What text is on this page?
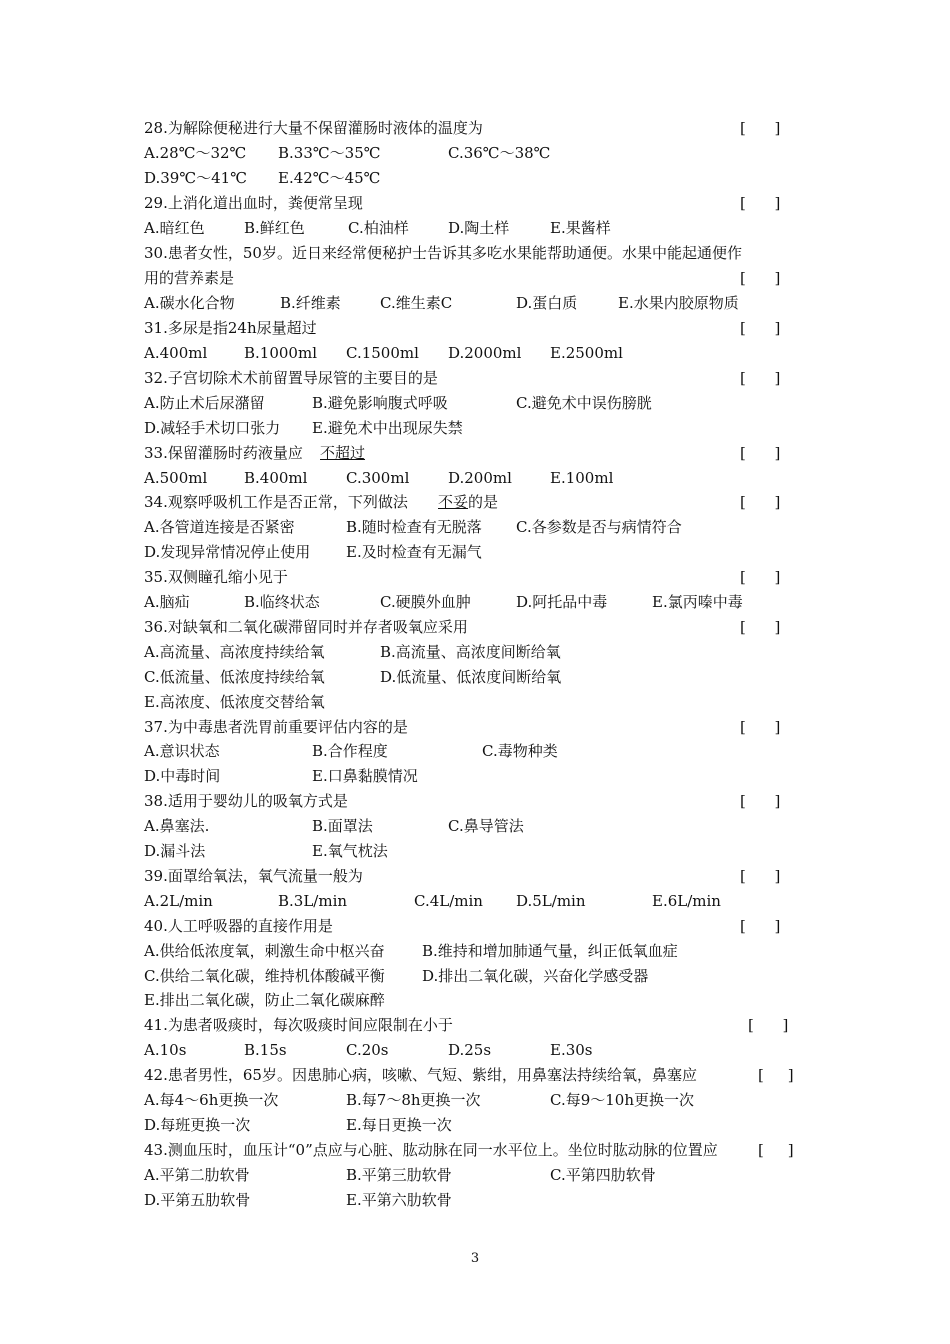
28.为解除便秘进行大量不保留灌肠时液体的温度为	[      ]
A.28℃～32℃ B.33℃～35℃	C.36℃～38℃
D.39℃～41℃ E.42℃～45℃
29.上消化道出血时，粪便常呈现	[      ]
A.暗红色	B.鲜红色	C.柏油样	D.陶土样	E.果酱样
30.患者女性，50岁。近日来经常便秘护士告诉其多吃水果能帮助通便。水果中能起通便作
用的营养素是	[      ]
A.碳水化合物	B.纤维素	C.维生素C	D.蛋白质	E.水果内胶原物质
31.多尿是指24h尿量超过	[      ]
A.400ml B.1000ml C.1500ml D.2000ml E.2500ml
32.子宫切除术术前留置导尿管的主要目的是	[      ]
A.防止术后尿潴留	B.避免影响腹式呼吸	C.避免术中误伤膀胱
D.减轻手术切口张力 E.避免术中出现尿失禁
33.保留灌肠时药液量应 不超过	[      ]
A.500ml B.400ml	C.300ml	D.200ml	E.100ml
34.观察呼吸机工作是否正常，下列做法 不妥 的是	[      ]
A.各管道连接是否紧密	B.随时检查有无脱落 C.各参数是否与病情符合
D.发现异常情况停止使用 E.及时检查有无漏气
35.双侧瞳孔缩小见于	[      ]
A.脑疝	B.临终状态	C.硬膜外血肿	D.阿托品中毒	E.氯丙嗪中毒
36.对缺氧和二氧化碳滞留同时并存者吸氧应采用	[      ]
A.高流量、高浓度持续给氧	B.高流量、高浓度间断给氧
C.低流量、低浓度持续给氧	D.低流量、低浓度间断给氧
E.高浓度、低浓度交替给氧
37.为中毒患者洗胃前重要评估内容的是	[      ]
A.意识状态	B.合作程度	C.毒物种类
D.中毒时间	E.口鼻黏膜情况
38.适用于婴幼儿的吸氧方式是	[      ]
A.鼻塞法.	B.面罩法	C.鼻导管法
D.漏斗法	E.氧气枕法
39.面罩给氧法，氧气流量一般为	[      ]
A.2L/min	B.3L/min	C.4L/min D.5L/min	E.6L/min
40.人工呼吸器的直接作用是	[      ]
A.供给低浓度氧，刺激生命中枢兴奋 B.维持和增加肺通气量，纠正低氧血症
C.供给二氧化碳，维持机体酸碱平衡 D.排出二氧化碳，兴奋化学感受器
E.排出二氧化碳，防止二氧化碳麻醉
41.为患者吸痰时，每次吸痰时间应限制在小于	[      ]
A.10s	B.15s	C.20s	D.25s	E.30s
42.患者男性，65岁。因患肺心病，咳嗽、气短、紫绀，用鼻塞法持续给氧，鼻塞应	[     ]
A.每4～6h更换一次	B.每7～8h更换一次	C.每9～10h更换一次
D.每班更换一次	E.每日更换一次
43.测血压时，血压计“0”点应与心脏、肱动脉在同一水平位上。坐位时肱动脉的位置应	[     ]
A.平第二肋软骨	B.平第三肋软骨	C.平第四肋软骨
D.平第五肋软骨	E.平第六肋软骨
3
